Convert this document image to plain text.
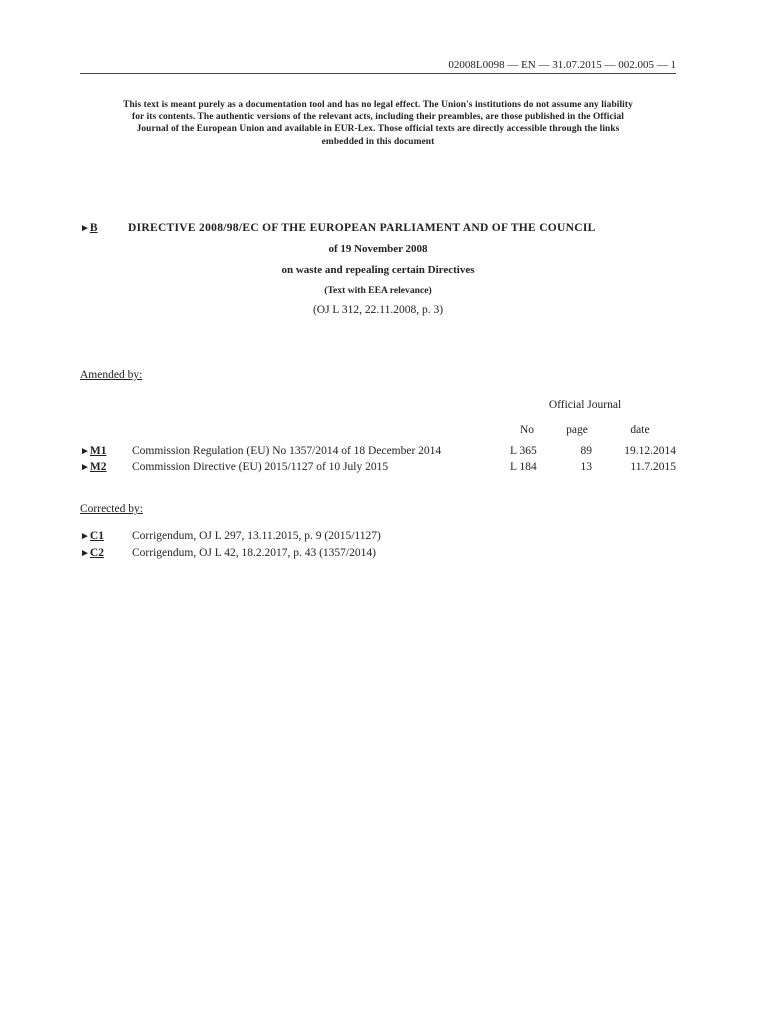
02008L0098 — EN — 31.07.2015 — 002.005 — 1
This text is meant purely as a documentation tool and has no legal effect. The Union's institutions do not assume any liability
for its contents. The authentic versions of the relevant acts, including their preambles, are those published in the Official
Journal of the European Union and available in EUR-Lex. Those official texts are directly accessible through the links
embedded in this document
►B	DIRECTIVE 2008/98/EC OF THE EUROPEAN PARLIAMENT AND OF THE COUNCIL
of 19 November 2008
on waste and repealing certain Directives
(Text with EEA relevance)
(OJ L 312, 22.11.2008, p. 3)
Amended by:
Official Journal
No	page	date
►M1 Commission Regulation (EU) No 1357/2014 of 18 December 2014	L 365	89	19.12.2014
►M2 Commission Directive (EU) 2015/1127 of 10 July 2015	L 184	13	11.7.2015
Corrected by:
►C1 Corrigendum, OJ L 297, 13.11.2015, p. 9 (2015/1127)
►C2 Corrigendum, OJ L 42, 18.2.2017, p. 43 (1357/2014)
